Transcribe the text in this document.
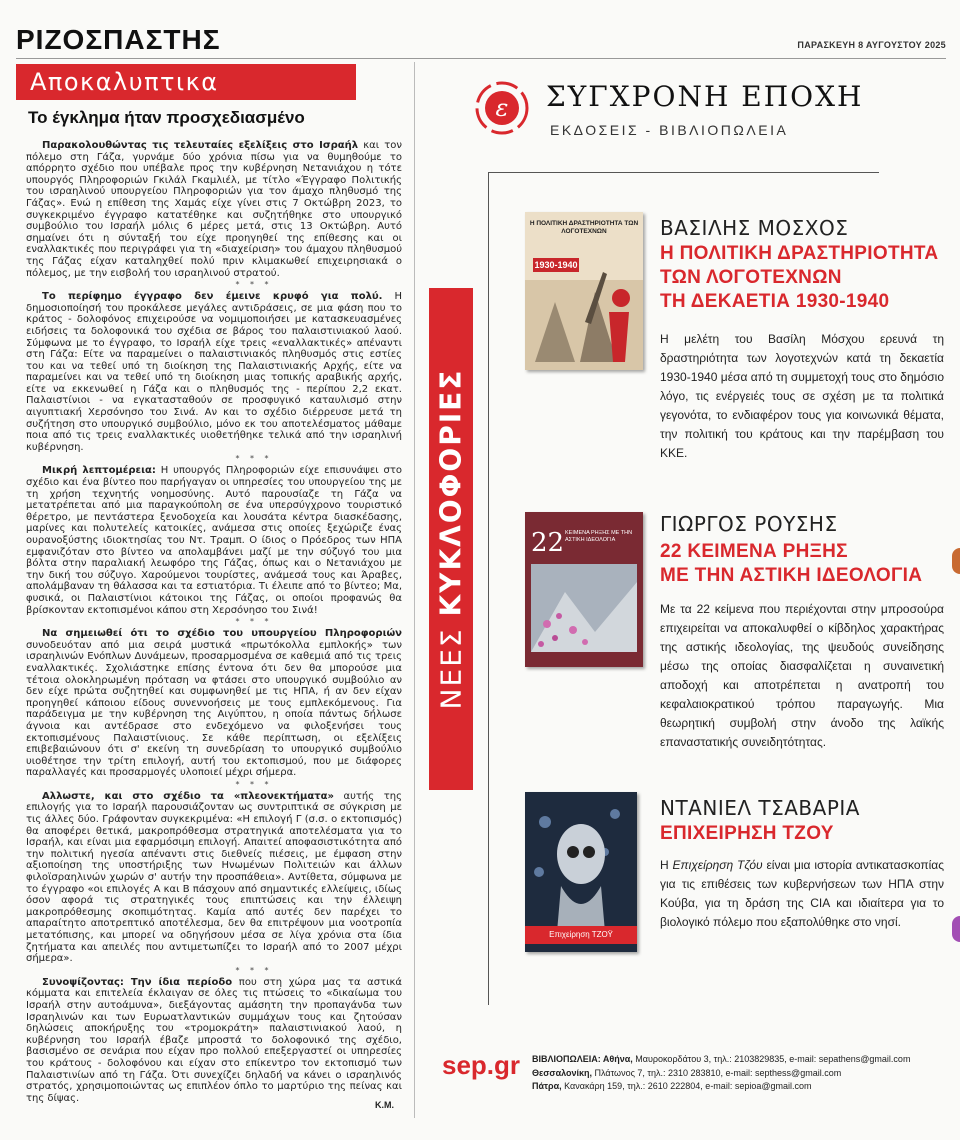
ΡΙΖΟΣΠΑΣΤΗΣ	ΠΑΡΑΣΚΕΥΗ 8 ΑΥΓΟΥΣΤΟΥ 2025
Αποκαλυπτικα
Το έγκλημα ήταν προσχεδιασμένο

Παρακολουθώντας τις τελευταίες εξελίξεις στο Ισραήλ και τον πόλεμο στη Γάζα, γυρνάμε δύο χρόνια πίσω για να θυμηθούμε το απόρρητο σχέδιο που υπέβαλε προς την κυβέρνηση Νετανιάχου η τότε υπουργός Πληροφοριών Γκιλάλ Γκαμλιέλ, με τίτλο «Έγγραφο Πολιτικής του ισραηλινού υπουργείου Πληροφοριών για τον άμαχο πληθυσμό της Γάζας». Ενώ η επίθεση της Χαμάς είχε γίνει στις 7 Οκτώβρη 2023, το συγκεκριμένο έγγραφο κατατέθηκε και συζητήθηκε στο υπουργικό συμβούλιο του Ισραήλ μόλις 6 μέρες μετά, στις 13 Οκτώβρη. Αυτό σημαίνει ότι η σύνταξή του είχε προηγηθεί της επίθεσης και οι εναλλακτικές που περιγράφει για τη «διαχείριση» του άμαχου πληθυσμού της Γάζας είχαν καταληχθεί πολύ πριν κλιμακωθεί επιχειρησιακά ο πόλεμος, με την εισβολή του ισραηλινού στρατού.

* * *

Το περίφημο έγγραφο δεν έμεινε κρυφό για πολύ. Η δημοσιοποίησή του προκάλεσε μεγάλες αντιδράσεις, σε μια φάση που το κράτος - δολοφόνος επιχειρούσε να νομιμοποιήσει με κατασκευασμένες ειδήσεις τα δολοφονικά του σχέδια σε βάρος του παλαιστινιακού λαού. Σύμφωνα με το έγγραφο, το Ισραήλ είχε τρεις «εναλλακτικές» απέναντι στη Γάζα: Είτε να παραμείνει ο παλαιστινιακός πληθυσμός στις εστίες του και να τεθεί υπό τη διοίκηση της Παλαιστινιακής Αρχής, είτε να παραμείνει και να τεθεί υπό τη διοίκηση μιας τοπικής αραβικής αρχής, είτε να εκκενωθεί η Γάζα και ο πληθυσμός της - περίπου 2,2 εκατ. Παλαιστίνιοι - να εγκατασταθούν σε προσφυγικό καταυλισμό στην αιγυπτιακή Χερσόνησο του Σινά. Αν και το σχέδιο διέρρευσε μετά τη συζήτηση στο υπουργικό συμβούλιο, μόνο εκ του αποτελέσματος μάθαμε ποια από τις τρεις εναλλακτικές υιοθετήθηκε τελικά από την ισραηλινή κυβέρνηση.

* * *

Μικρή λεπτομέρεια: Η υπουργός Πληροφοριών είχε επισυνάψει στο σχέδιο και ένα βίντεο που παρήγαγαν οι υπηρεσίες του υπουργείου της με τη χρήση τεχνητής νοημοσύνης. Αυτό παρουσίαζε τη Γάζα να μετατρέπεται από μια παραγκούπολη σε ένα υπερσύγχρονο τουριστικό θέρετρο, με πεντάστερα ξενοδοχεία και λουσάτα κέντρα διασκέδασης, μαρίνες και πολυτελείς κατοικίες, ανάμεσα στις οποίες ξεχώριζε ένας ουρανοξύστης ιδιοκτησίας του Ντ. Τραμπ. Ο ίδιος ο Πρόεδρος των ΗΠΑ εμφανιζόταν στο βίντεο να απολαμβάνει μαζί με την σύζυγό του μια βόλτα στην παραλιακή λεωφόρο της Γάζας, όπως και ο Νετανιάχου με την δική του σύζυγο. Χαρούμενοι τουρίστες, ανάμεσά τους και Άραβες, απολάμβαναν τη θάλασσα και τα εστιατόρια. Τι έλειπε από το βίντεο; Μα, φυσικά, οι Παλαιστίνιοι κάτοικοι της Γάζας, οι οποίοι προφανώς θα βρίσκονταν εκτοπισμένοι κάπου στη Χερσόνησο του Σινά!

* * *

Να σημειωθεί ότι το σχέδιο του υπουργείου Πληροφοριών συνοδευόταν από μια σειρά μυστικά «πρωτόκολλα εμπλοκής» των ισραηλινών Ενόπλων Δυνάμεων, προσαρμοσμένα σε καθεμιά από τις τρεις εναλλακτικές. Σχολιάστηκε επίσης έντονα ότι δεν θα μπορούσε μια τέτοια ολοκληρωμένη πρόταση να φτάσει στο υπουργικό συμβούλιο αν δεν είχε πρώτα συζητηθεί και συμφωνηθεί με τις ΗΠΑ, ή αν δεν είχαν προηγηθεί κάποιου είδους συνεννοήσεις με τους εμπλεκόμενους. Για παράδειγμα με την κυβέρνηση της Αιγύπτου, η οποία πάντως δήλωσε άγνοια και αντέδρασε στο ενδεχόμενο να φιλοξενήσει τους εκτοπισμένους Παλαιστίνιους. Σε κάθε περίπτωση, οι εξελίξεις επιβεβαιώνουν ότι σ' εκείνη τη συνεδρίαση το υπουργικό συμβούλιο υιοθέτησε την τρίτη επιλογή, αυτή του εκτοπισμού, που με διάφορες παραλλαγές και προσαρμογές υλοποιεί μέχρι σήμερα.

* * *

Αλλωστε, και στο σχέδιο τα «πλεονεκτήματα» αυτής της επιλογής για το Ισραήλ παρουσιάζονταν ως συντριπτικά σε σύγκριση με τις άλλες δύο. Γράφονταν συγκεκριμένα: «Η επιλογή Γ (σ.σ. ο εκτοπισμός) θα αποφέρει θετικά, μακροπρόθεσμα στρατηγικά αποτελέσματα για το Ισραήλ, και είναι μια εφαρμόσιμη επιλογή. Απαιτεί αποφασιστικότητα από την πολιτική ηγεσία απέναντι στις διεθνείς πιέσεις, με έμφαση στην αξιοποίηση της υποστήριξης των Ηνωμένων Πολιτειών και άλλων φιλοϊσραηλινών χωρών σ' αυτήν την προσπάθεια». Αντίθετα, σύμφωνα με το έγγραφο «οι επιλογές Α και Β πάσχουν από σημαντικές ελλείψεις, ιδίως όσον αφορά τις στρατηγικές τους επιπτώσεις και την έλλειψη μακροπρόθεσμης σκοπιμότητας. Καμία από αυτές δεν παρέχει το απαραίτητο αποτρεπτικό αποτέλεσμα, δεν θα επιτρέψουν μια νοοτροπία μετατόπισης, και μπορεί να οδηγήσουν μέσα σε λίγα χρόνια στα ίδια ζητήματα και απειλές που αντιμετωπίζει το Ισραήλ από το 2007 μέχρι σήμερα».

* * *

Συνοψίζοντας: Την ίδια περίοδο που στη χώρα μας τα αστικά κόμματα και επιτελεία έκλαιγαν σε όλες τις πτώσεις το «δικαίωμα του Ισραήλ στην αυτοάμυνα», διεξάγοντας αμάσητη την προπαγάνδα των Ισραηλινών και των Ευρωατλαντικών συμμάχων τους και ζητούσαν δηλώσεις αποκήρυξης του «τρομοκράτη» παλαιστινιακού λαού, η κυβέρνηση του Ισραήλ έβαζε μπροστά το δολοφονικό της σχέδιο, βασισμένο σε σενάρια που είχαν προ πολλού επεξεργαστεί οι υπηρεσίες του κράτους - δολοφόνου και είχαν στο επίκεντρο τον εκτοπισμό των Παλαιστινίων από τη Γάζα. Ότι συνεχίζει δηλαδή να κάνει ο ισραηλινός στρατός, χρησιμοποιώντας ως επιπλέον όπλο το μαρτύριο της πείνας και της δίψας.

Κ.Μ.
ε ΣΥΓΧΡΟΝΗ ΕΠΟΧΗ
ΕΚΔΟΣΕΙΣ - ΒΙΒΛΙΟΠΩΛΕΙΑ
ΝΕΕΣ ΚΥΚΛΟΦΟΡΙΕΣ
Η ΠΟΛΙΤΙΚΗ ΔΡΑΣΤΗΡΙΟΤΗΤΑ ΤΩΝ ΛΟΓΟΤΕΧΝΩΝ
1930-1940
ΒΑΣΙΛΗΣ ΜΟΣΧΟΣ
Η ΠΟΛΙΤΙΚΗ ΔΡΑΣΤΗΡΙΟΤΗΤΑ
ΤΩΝ ΛΟΓΟΤΕΧΝΩΝ
ΤΗ ΔΕΚΑΕΤΙΑ 1930-1940
Η μελέτη του Βασίλη Μόσχου ερευνά τη δραστηριότητα των λογοτεχνών κατά τη δεκαετία 1930-1940 μέσα από τη συμμετοχή τους στο δημόσιο λόγο, τις ενέργειές τους σε σχέση με τα πολιτικά γεγονότα, το ενδιαφέρον τους για κοινωνικά θέματα, την πολιτική του κράτους και την παρέμβαση του ΚΚΕ.
22 ΚΕΙΜΕΝΑ ΡΗΞΗΣ ΜΕ ΤΗΝ ΑΣΤΙΚΗ ΙΔΕΟΛΟΓΙΑ
ΓΙΩΡΓΟΣ ΡΟΥΣΗΣ
22 ΚΕΙΜΕΝΑ ΡΗΞΗΣ
ΜΕ ΤΗΝ ΑΣΤΙΚΗ ΙΔΕΟΛΟΓΙΑ
Με τα 22 κείμενα που περιέχονται στην μπροσούρα επιχειρείται να αποκαλυφθεί ο κίβδηλος χαρακτήρας της αστικής ιδεολογίας, της ψευδούς συνείδησης μέσω της οποίας διασφαλίζεται η συναινετική αποδοχή και αποτρέπεται η ανατροπή του κεφαλαιοκρατικού τρόπου παραγωγής. Μια θεωρητική συμβολή στην άνοδο της λαϊκής επαναστατικής συνειδητότητας.
Επιχείρηση ΤΖΟΫ
ΝΤΑΝΙΕΛ ΤΣΑΒΑΡΙΑ
ΕΠΙΧΕΙΡΗΣΗ ΤΖΟΥ
Η Επιχείρηση Τζόυ είναι μια ιστορία αντικατασκοπίας για τις επιθέσεις των κυβερνήσεων των ΗΠΑ στην Κούβα, για τη δράση της CIA και ιδιαίτερα για το βιολογικό πόλεμο που εξαπολύθηκε στο νησί.
sep.gr ΒΙΒΛΙΟΠΩΛΕΙΑ: Αθήνα, Μαυροκορδάτου 3, τηλ.: 2103829835, e-mail: sepathens@gmail.com
Θεσσαλονίκη, Πλάτωνος 7, τηλ.: 2310 283810, e-mail: septhess@gmail.com
Πάτρα, Κανακάρη 159, τηλ.: 2610 222804, e-mail: sepioa@gmail.com
